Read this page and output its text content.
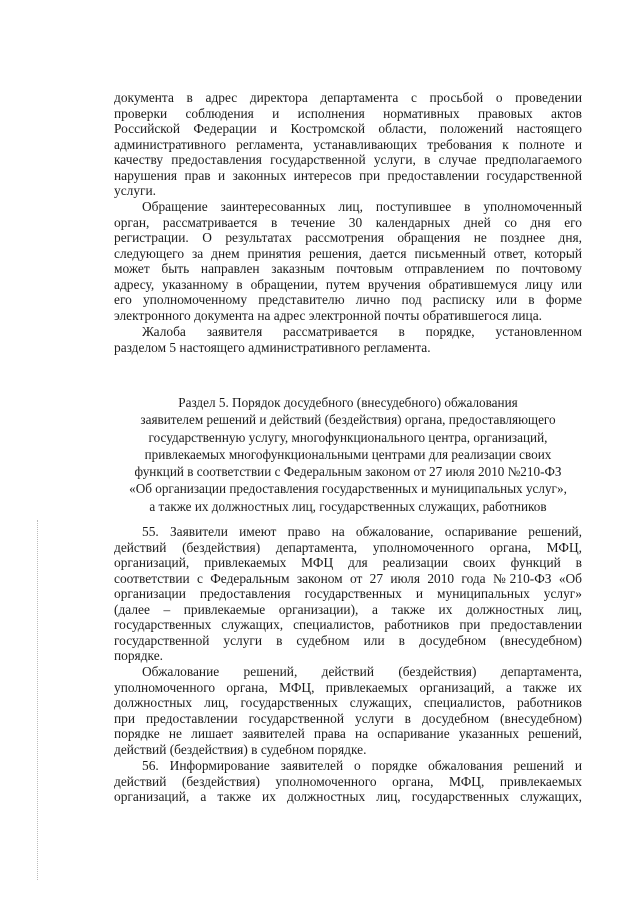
документа в адрес директора департамента с просьбой о проведении
проверки соблюдения и исполнения нормативных правовых актов
Российской Федерации и Костромской области, положений настоящего
административного регламента, устанавливающих требования к полноте и
качеству предоставления государственной услуги, в случае предполагаемого
нарушения прав и законных интересов при предоставлении государственной
услуги.
Обращение заинтересованных лиц, поступившее в уполномоченный
орган, рассматривается в течение 30 календарных дней со дня его
регистрации. О результатах рассмотрения обращения не позднее дня,
следующего за днем принятия решения, дается письменный ответ, который
может быть направлен заказным почтовым отправлением по почтовому
адресу, указанному в обращении, путем вручения обратившемуся лицу или
его уполномоченному представителю лично под расписку или в форме
электронного документа на адрес электронной почты обратившегося лица.
Жалоба заявителя рассматривается в порядке, установленном
разделом 5 настоящего административного регламента.
Раздел 5. Порядок досудебного (внесудебного) обжалования
заявителем решений и действий (бездействия) органа, предоставляющего
государственную услугу, многофункционального центра, организаций,
привлекаемых многофункциональными центрами для реализации своих
функций в соответствии с Федеральным законом от 27 июля 2010 №210-ФЗ
«Об организации предоставления государственных и муниципальных услуг»,
а также их должностных лиц, государственных служащих, работников
55. Заявители имеют право на обжалование, оспаривание решений,
действий (бездействия) департамента, уполномоченного органа, МФЦ,
организаций, привлекаемых МФЦ для реализации своих функций в
соответствии с Федеральным законом от 27 июля 2010 года №210-ФЗ «Об
организации предоставления государственных и муниципальных услуг»
(далее – привлекаемые организации), а также их должностных лиц,
государственных служащих, специалистов, работников при предоставлении
государственной услуги в судебном или в досудебном (внесудебном)
порядке.
Обжалование решений, действий (бездействия) департамента,
уполномоченного органа, МФЦ, привлекаемых организаций, а также их
должностных лиц, государственных служащих, специалистов, работников
при предоставлении государственной услуги в досудебном (внесудебном)
порядке не лишает заявителей права на оспаривание указанных решений,
действий (бездействия) в судебном порядке.
56. Информирование заявителей о порядке обжалования решений и
действий (бездействия) уполномоченного органа, МФЦ, привлекаемых
организаций, а также их должностных лиц, государственных служащих,
